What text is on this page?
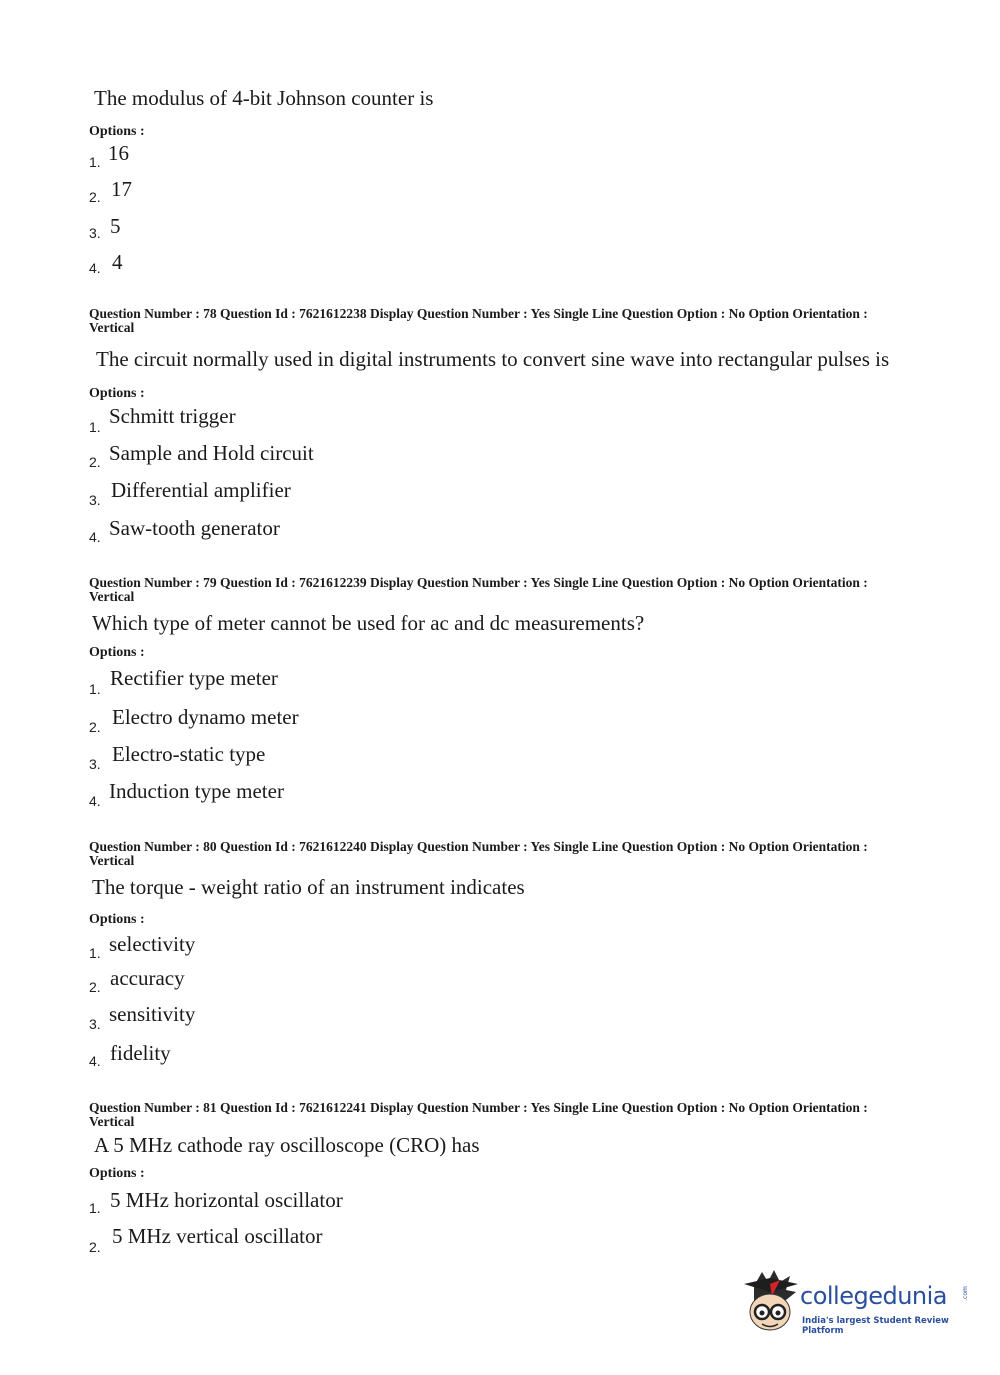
The modulus of 4-bit Johnson counter is
Options :
1. 16
2. 17
3. 5
4. 4
Question Number : 78 Question Id : 7621612238 Display Question Number : Yes Single Line Question Option : No Option Orientation : Vertical
The circuit normally used in digital instruments to convert sine wave into rectangular pulses is
Options :
1. Schmitt trigger
2. Sample and Hold circuit
3. Differential amplifier
4. Saw-tooth generator
Question Number : 79 Question Id : 7621612239 Display Question Number : Yes Single Line Question Option : No Option Orientation : Vertical
Which type of meter cannot be used for ac and dc measurements?
Options :
1. Rectifier type meter
2. Electro dynamo meter
3. Electro-static type
4. Induction type meter
Question Number : 80 Question Id : 7621612240 Display Question Number : Yes Single Line Question Option : No Option Orientation : Vertical
The torque - weight ratio of an instrument indicates
Options :
1. selectivity
2. accuracy
3. sensitivity
4. fidelity
Question Number : 81 Question Id : 7621612241 Display Question Number : Yes Single Line Question Option : No Option Orientation : Vertical
A 5 MHz cathode ray oscilloscope (CRO) has
Options :
1. 5 MHz horizontal oscillator
2. 5 MHz vertical oscillator
collegedunia .com
India's largest Student Review Platform
